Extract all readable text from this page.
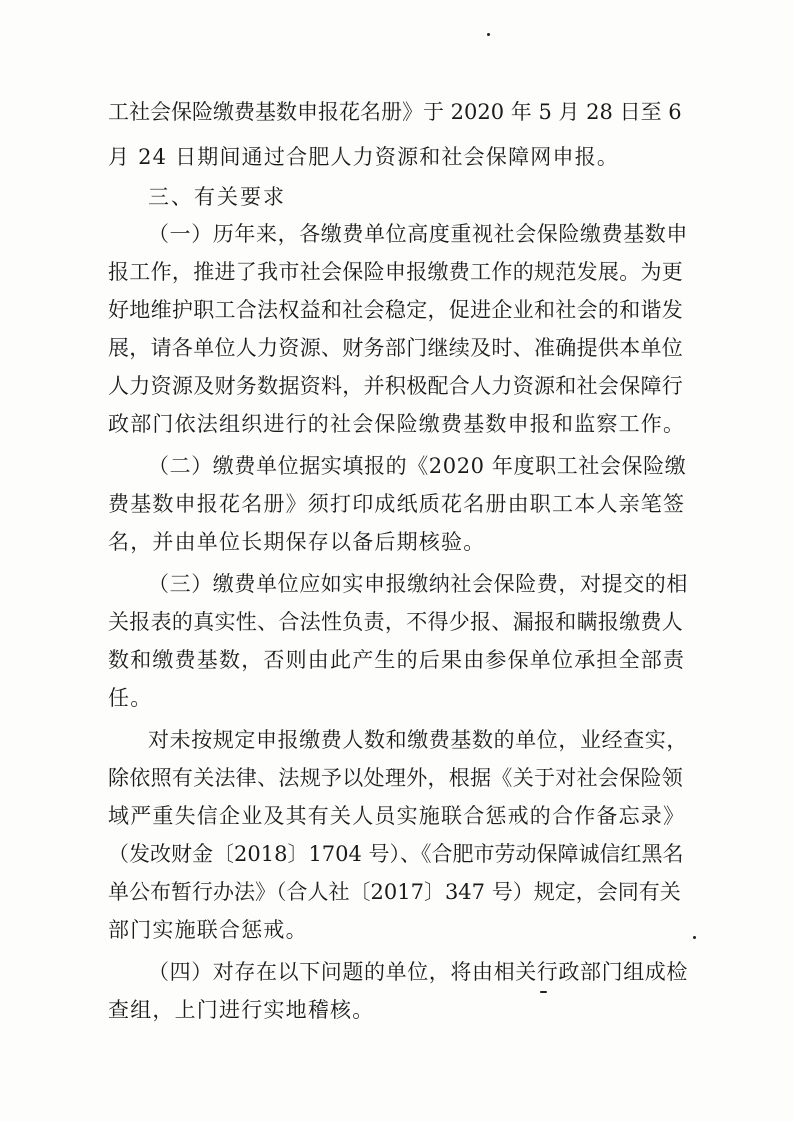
工社会保险缴费基数申报花名册》于 2020 年 5 月 28 日至 6
月 24 日期间通过合肥人力资源和社会保障网申报。
三、有关要求
（一）历年来，各缴费单位高度重视社会保险缴费基数申
报工作，推进了我市社会保险申报缴费工作的规范发展。为更
好地维护职工合法权益和社会稳定，促进企业和社会的和谐发
展，请各单位人力资源、财务部门继续及时、准确提供本单位
人力资源及财务数据资料，并积极配合人力资源和社会保障行
政部门依法组织进行的社会保险缴费基数申报和监察工作。
（二）缴费单位据实填报的《2020 年度职工社会保险缴
费基数申报花名册》须打印成纸质花名册由职工本人亲笔签
名，并由单位长期保存以备后期核验。
（三）缴费单位应如实申报缴纳社会保险费，对提交的相
关报表的真实性、合法性负责，不得少报、漏报和瞒报缴费人
数和缴费基数，否则由此产生的后果由参保单位承担全部责
任。
对未按规定申报缴费人数和缴费基数的单位，业经查实，
除依照有关法律、法规予以处理外，根据《关于对社会保险领
域严重失信企业及其有关人员实施联合惩戒的合作备忘录》
（发改财金〔2018〕1704 号）、《合肥市劳动保障诚信红黑名
单公布暂行办法》（合人社〔2017〕347 号）规定，会同有关
部门实施联合惩戒。
（四）对存在以下问题的单位，将由相关行政部门组成检
查组，上门进行实地稽核。
